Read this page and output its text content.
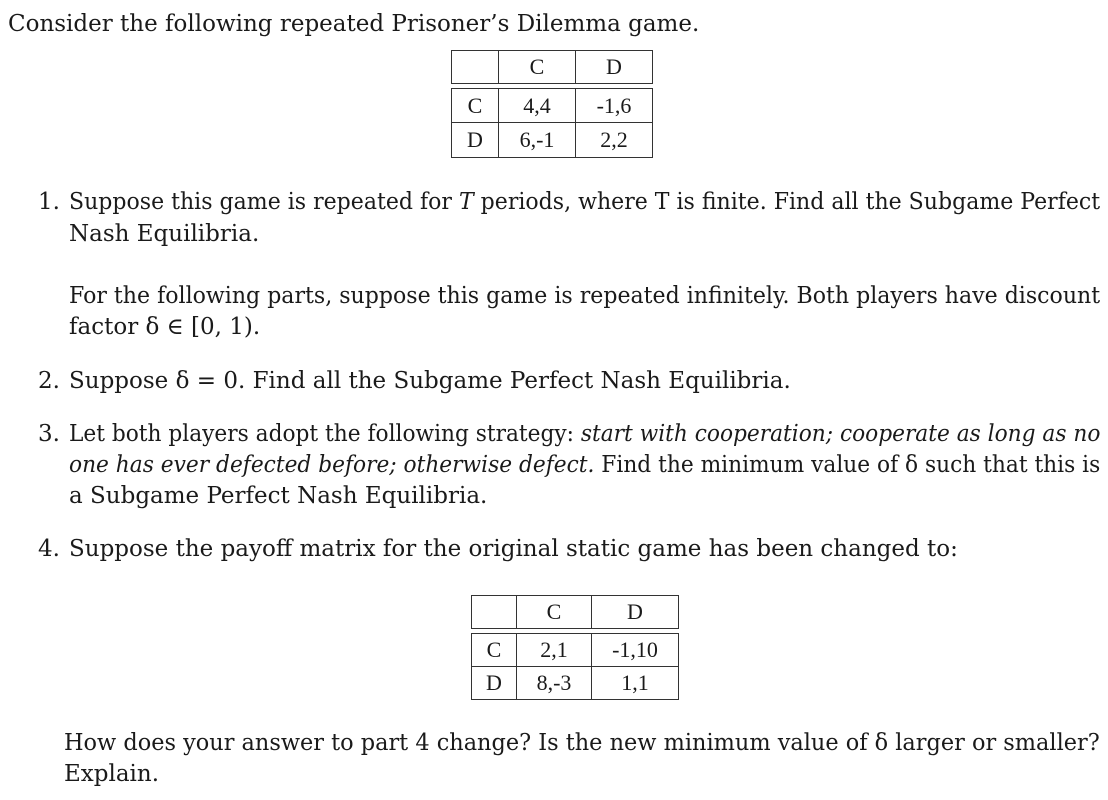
Consider the following repeated Prisoner’s Dilemma game.
C	D
C	4,4	-1,6
D	6,-1	2,2
1. Suppose this game is repeated for T periods, where T is finite. Find all the Subgame Perfect
Nash Equilibria.
For the following parts, suppose this game is repeated infinitely. Both players have discount
factor δ ∈ [0, 1).
2. Suppose δ = 0. Find all the Subgame Perfect Nash Equilibria.
3. Let both players adopt the following strategy: start with cooperation; cooperate as long as no
one has ever defected before; otherwise defect. Find the minimum value of δ such that this is
a Subgame Perfect Nash Equilibria.
4. Suppose the payoff matrix for the original static game has been changed to:
C	D
C	2,1	-1,10
D	8,-3	1,1
How does your answer to part 4 change? Is the new minimum value of δ larger or smaller?
Explain.
